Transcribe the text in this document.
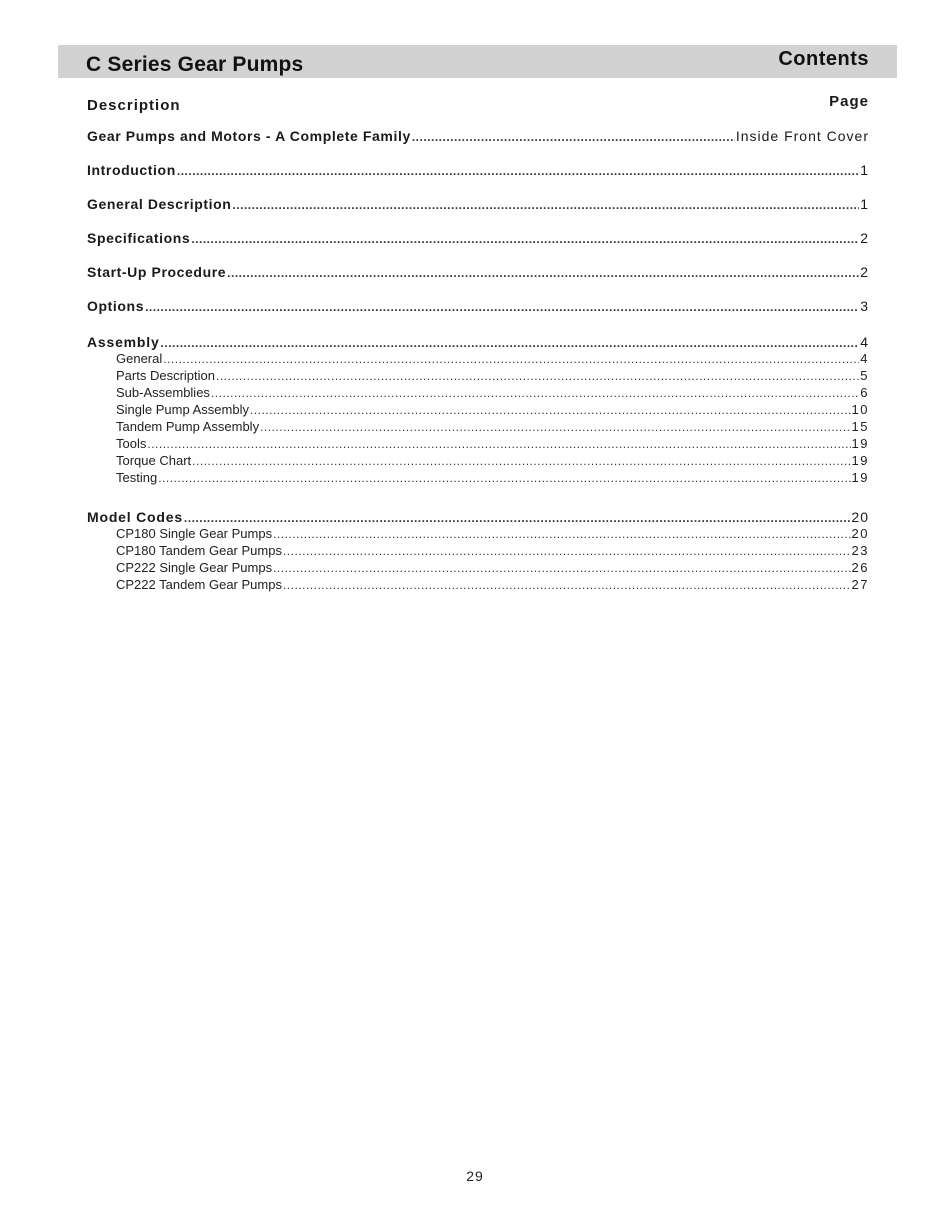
C Series Gear Pumps	Contents
Description	Page
Gear Pumps and Motors - A Complete Family .....	Inside Front Cover
Introduction .....	1
General Description .....	1
Specifications .....	2
Start-Up Procedure .....	2
Options .....	3
Assembly .....	4
General .....	4
Parts Description .....	5
Sub-Assemblies .....	6
Single Pump Assembly .....	10
Tandem Pump Assembly .....	15
Tools .....	19
Torque Chart .....	19
Testing .....	19
Model Codes .....	20
CP180 Single Gear Pumps .....	20
CP180 Tandem Gear Pumps .....	23
CP222 Single Gear Pumps .....	26
CP222 Tandem Gear Pumps .....	27
29
